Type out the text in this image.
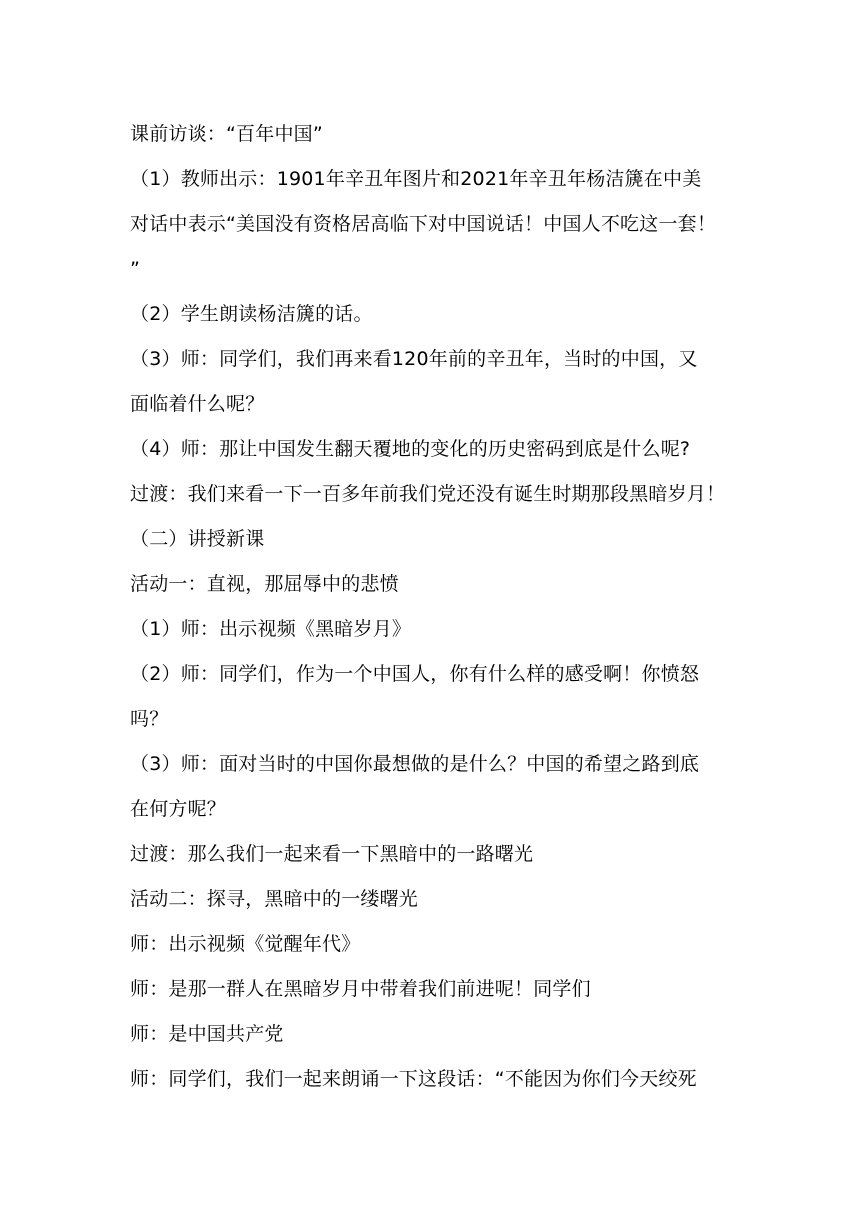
课前访谈：“百年中国”
（1）教师出示：1901年辛丑年图片和2021年辛丑年杨洁篪在中美
对话中表示“美国没有资格居高临下对中国说话！中国人不吃这一套！
”
（2）学生朗读杨洁篪的话。
（3）师：同学们，我们再来看120年前的辛丑年，当时的中国，又
面临着什么呢？
（4）师：那让中国发生翻天覆地的变化的历史密码到底是什么呢?
过渡：我们来看一下一百多年前我们党还没有诞生时期那段黑暗岁月！
（二）讲授新课
活动一：直视，那屈辱中的悲愤
（1）师：出示视频《黑暗岁月》
（2）师：同学们，作为一个中国人，你有什么样的感受啊！你愤怒
吗？
（3）师：面对当时的中国你最想做的是什么？中国的希望之路到底
在何方呢？
过渡：那么我们一起来看一下黑暗中的一路曙光
活动二：探寻，黑暗中的一缕曙光
师：出示视频《觉醒年代》
师：是那一群人在黑暗岁月中带着我们前进呢！同学们
师：是中国共产党
师：同学们，我们一起来朗诵一下这段话：“不能因为你们今天绞死
